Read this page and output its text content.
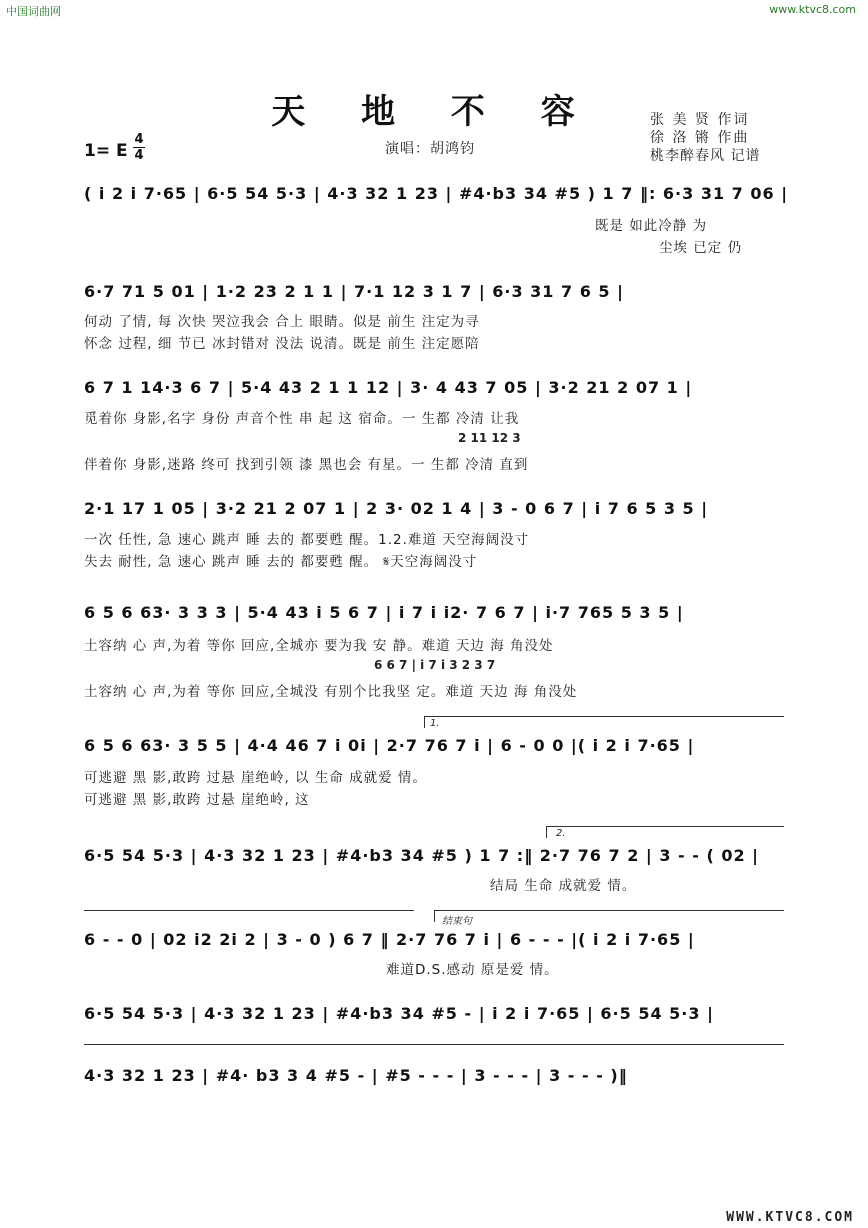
中国词曲网	www.ktvc8.com
天 地 不 容	张 美 贤 作词
徐 洛 锵 作曲
桃李醉春风 记谱
1= E
4
4	演唱：胡鸿钧
( i 2 i 7·65 | 6·5 54 5·3 | 4·3 32 1 23 | #4·b3 34 #5 ) 1 7 ‖: 6·3 31 7 06 |
既是 如此冷静 为
尘埃 已定 仍
6·7 71 5 01 | 1·2 23 2 1 1 | 7·1 12 3 1 7 | 6·3 31 7 6 5 |
何动 了情, 每 次快 哭泣我会 合上 眼睛。似是 前生 注定为寻
怀念 过程, 细 节已 冰封错对 没法 说清。既是 前生 注定愿陪
6 7 1 14·3 6 7 | 5·4 43 2 1 1 12 | 3· 4 43 7 05 | 3·2 21 2 07 1 |
觅着你 身影,名字 身份 声音个性 串 起 这 宿命。一 生都 冷清 让我
2 11 12 3
伴着你 身影,迷路 终可 找到引领 漆 黑也会 有星。一 生都 冷清 直到
2·1 17 1 05 | 3·2 21 2 07 1 | 2 3· 02 1 4 | 3 - 0 6 7 | i 7 6 5 3 5 |
一次 任性, 急 速心 跳声 睡 去的 都要甦 醒。1.2.难道 天空海阔没寸
失去 耐性, 急 速心 跳声 睡 去的 都要甦 醒。 𝄋天空海阔没寸
6 5 6 63· 3 3 3 | 5·4 43 i 5 6 7 | i 7 i i2· 7 6 7 | i·7 765 5 3 5 |
土容纳 心 声,为着 等你 回应,全城亦 要为我 安 静。难道 天边 海 角没处
6 6 7 | i 7 i 3 2 3 7
土容纳 心 声,为着 等你 回应,全城没 有别个比我坚 定。难道 天边 海 角没处
6 5 6 63· 3 5 5 | 4·4 46 7 i 0i | 2·7 76 7 i | 6 - 0 0 |( i 2 i 7·65 |
可逃避 黑 影,敢跨 过悬 崖绝岭, 以 生命 成就爱 情。
可逃避 黑 影,敢跨 过悬 崖绝岭, 这
6·5 54 5·3 | 4·3 32 1 23 | #4·b3 34 #5 ) 1 7 :‖ 2·7 76 7 2 | 3 - - ( 02 |
结局 生命 成就爱 情。
6 - - 0 | 02 i2 2i 2 | 3 - 0 ) 6 7 ‖ 2·7 76 7 i | 6 - - - |( i 2 i 7·65 |
难道D.S.感动 原是爱 情。
6·5 54 5·3 | 4·3 32 1 23 | #4·b3 34 #5 - | i 2 i 7·65 | 6·5 54 5·3 |
4·3 32 1 23 | #4· b3 3 4 #5 - | #5 - - - | 3 - - - | 3 - - - )‖
1.
2.
结束句
WWW.KTVC8.COM
